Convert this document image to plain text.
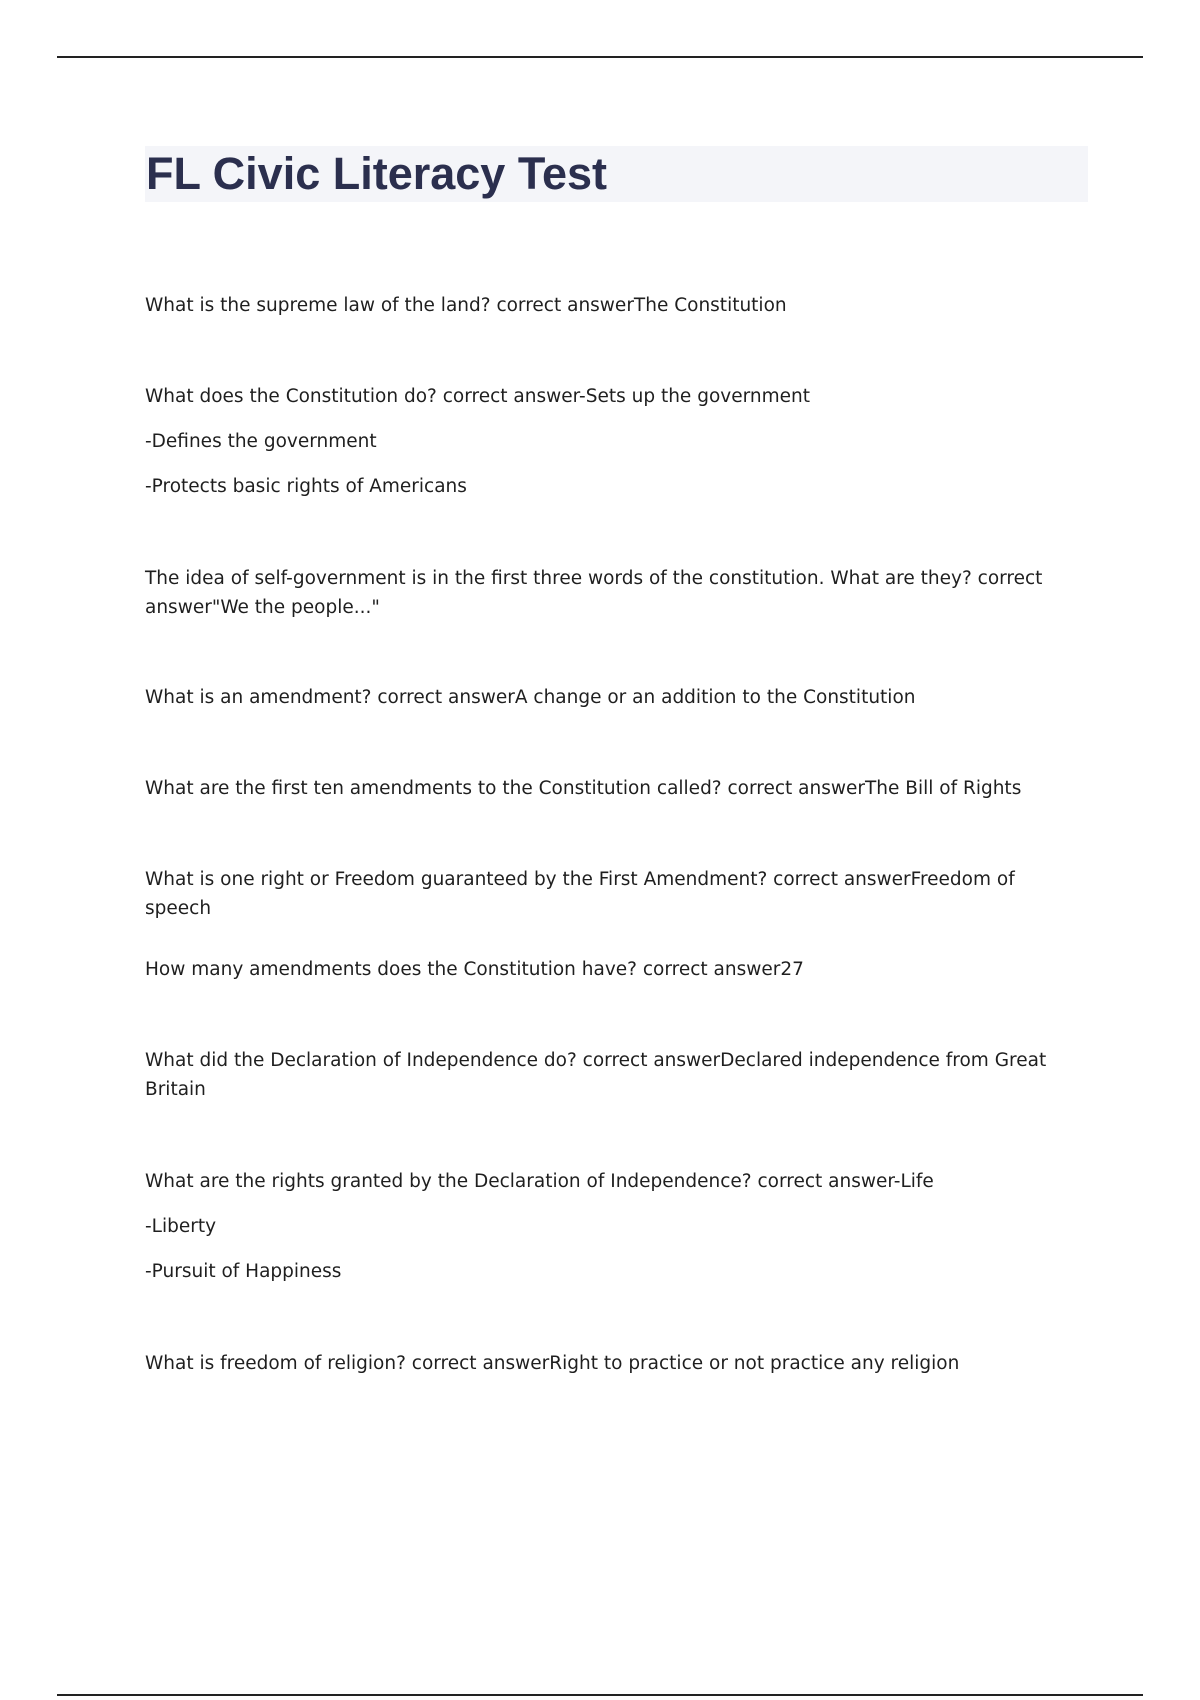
FL Civic Literacy Test

What is the supreme law of the land? correct answerThe Constitution

What does the Constitution do? correct answer-Sets up the government

-Defines the government

-Protects basic rights of Americans

The idea of self-government is in the first three words of the constitution. What are they? correct answer"We the people..."

What is an amendment? correct answerA change or an addition to the Constitution

What are the first ten amendments to the Constitution called? correct answerThe Bill of Rights

What is one right or Freedom guaranteed by the First Amendment? correct answerFreedom of speech

How many amendments does the Constitution have? correct answer27

What did the Declaration of Independence do? correct answerDeclared independence from Great Britain

What are the rights granted by the Declaration of Independence? correct answer-Life

-Liberty

-Pursuit of Happiness

What is freedom of religion? correct answerRight to practice or not practice any religion
